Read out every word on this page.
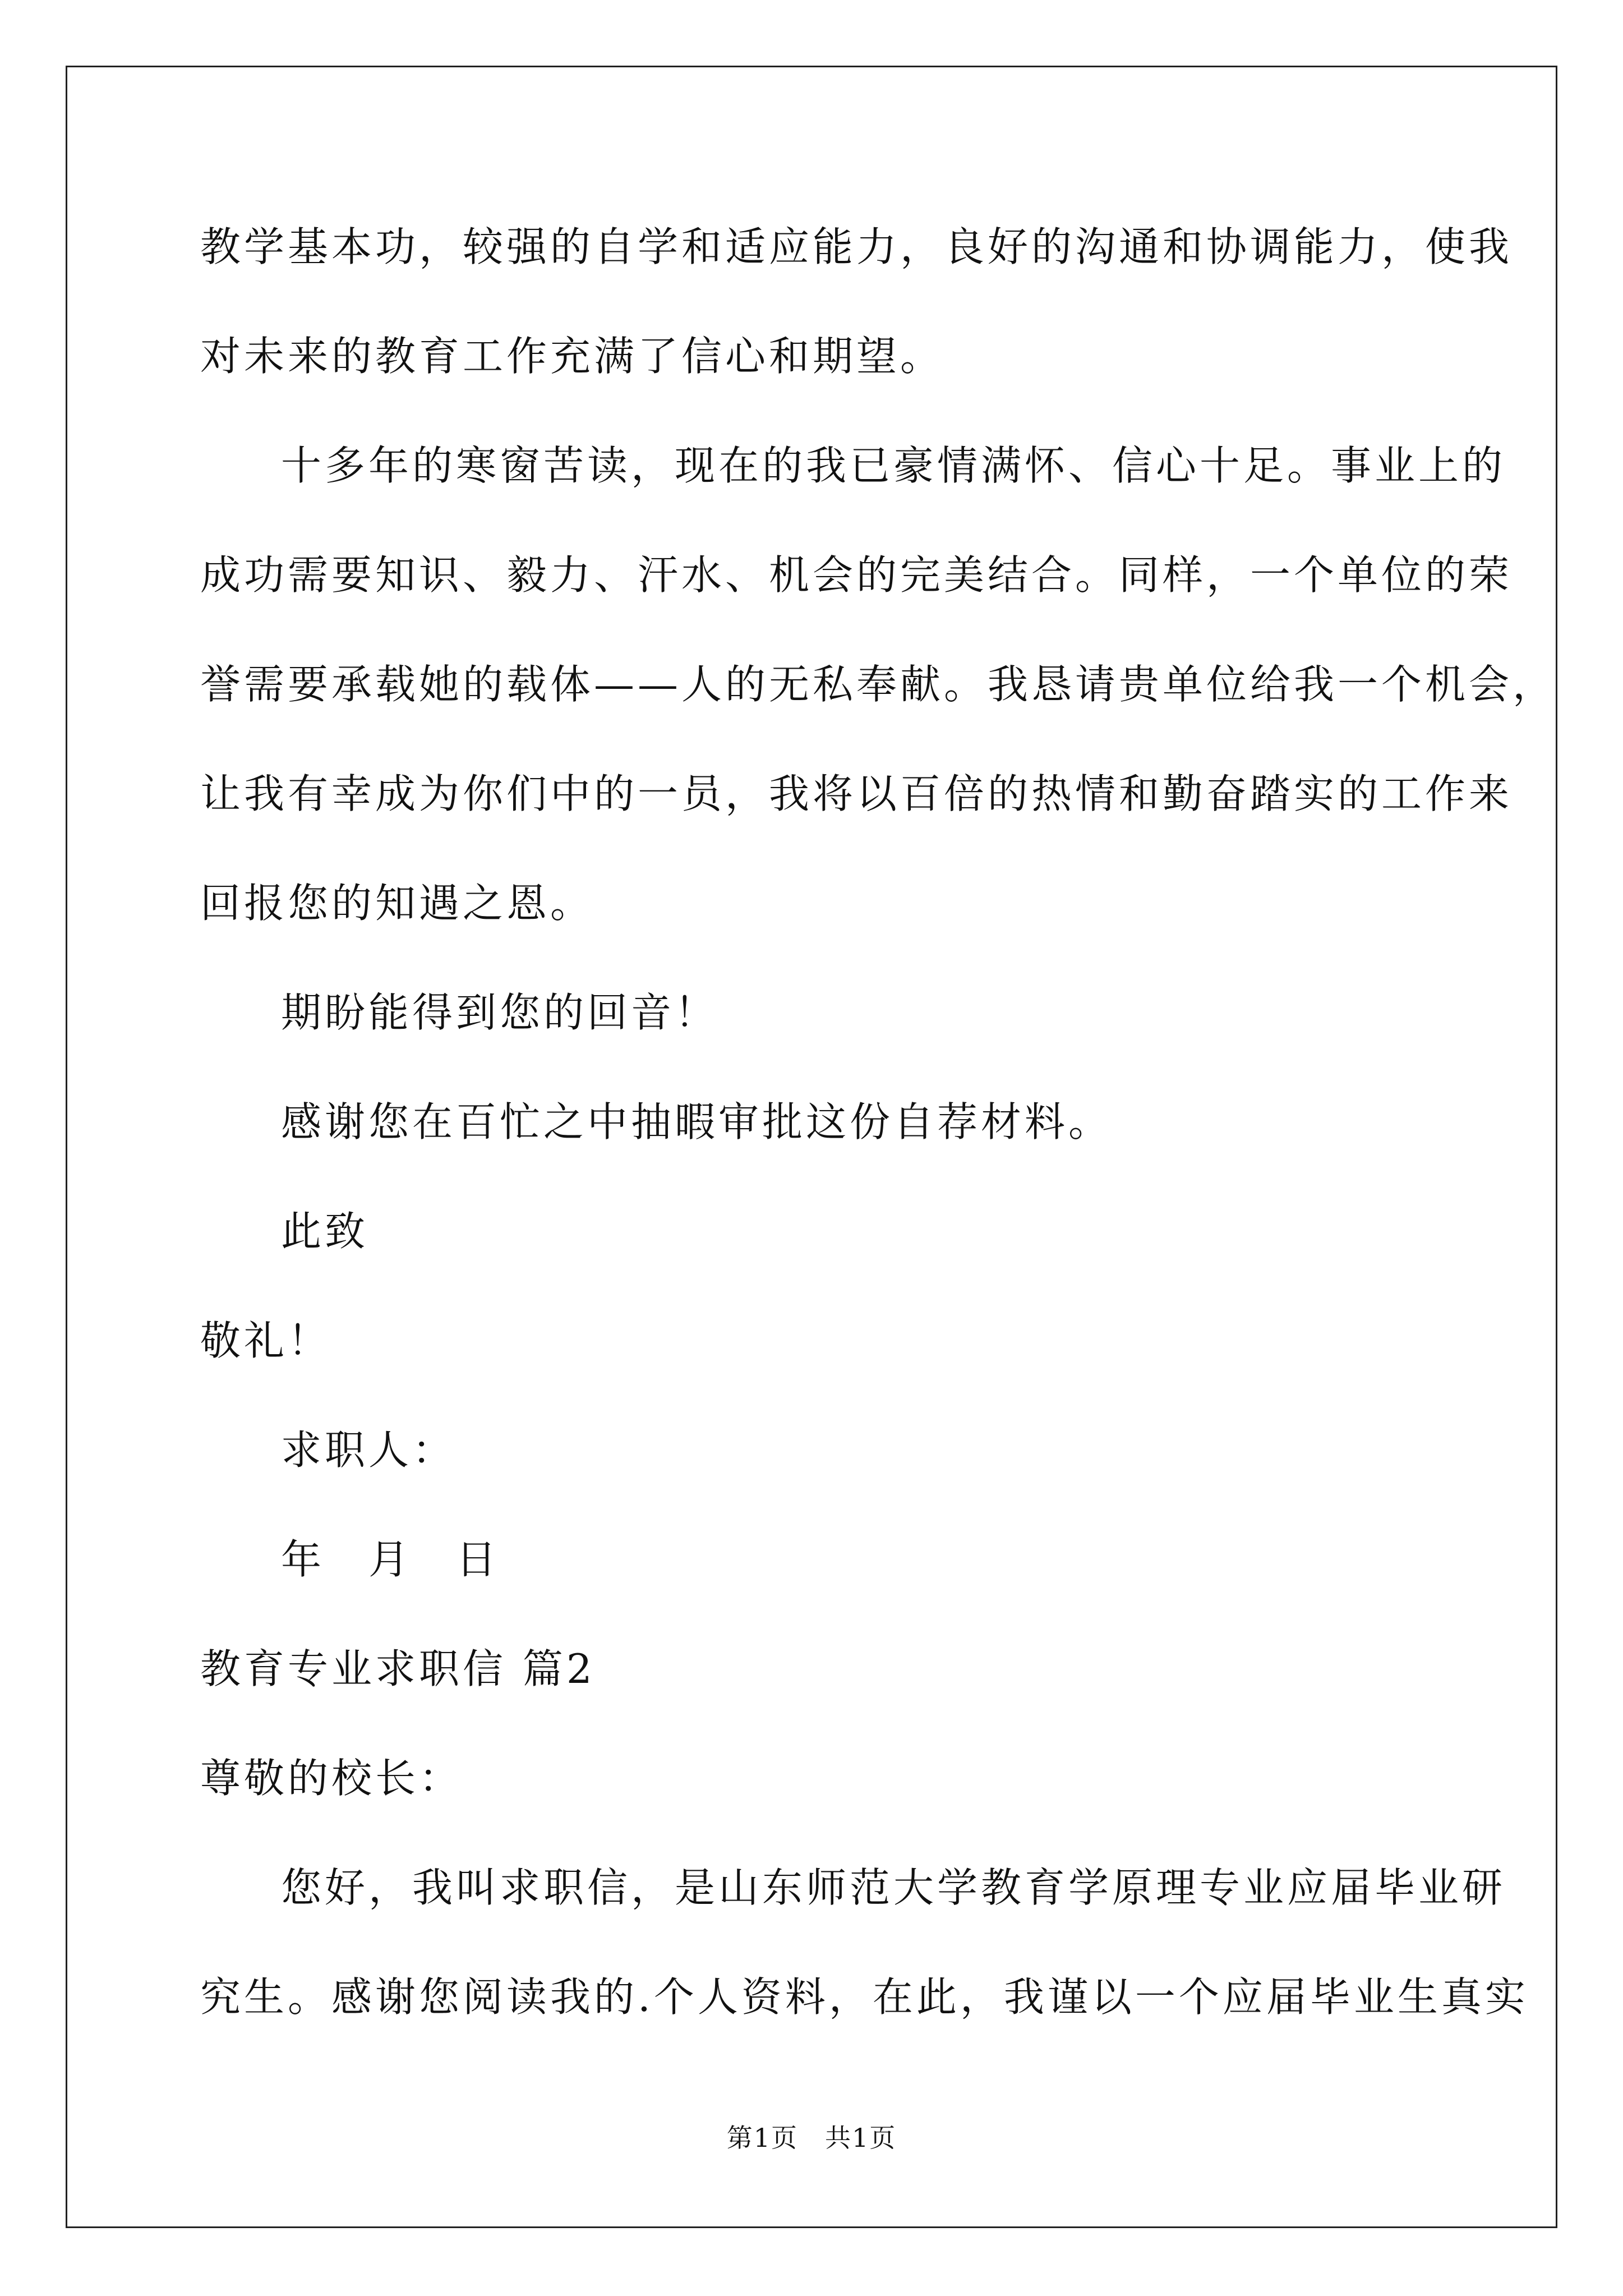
教学基本功，较强的自学和适应能力，良好的沟通和协调能力，使我
对未来的教育工作充满了信心和期望。
十多年的寒窗苦读，现在的我已豪情满怀、信心十足。事业上的
成功需要知识、毅力、汗水、机会的完美结合。同样，一个单位的荣
誉需要承载她的载体——人的无私奉献。我恳请贵单位给我一个机会，
让我有幸成为你们中的一员，我将以百倍的热情和勤奋踏实的工作来
回报您的知遇之恩。
期盼能得到您的回音！
感谢您在百忙之中抽暇审批这份自荐材料。
此致
敬礼！
求职人：
年　月　日
教育专业求职信 篇2
尊敬的校长：
您好，我叫求职信，是山东师范大学教育学原理专业应届毕业研
究生。感谢您阅读我的.个人资料，在此，我谨以一个应届毕业生真实
第1页　共1页
